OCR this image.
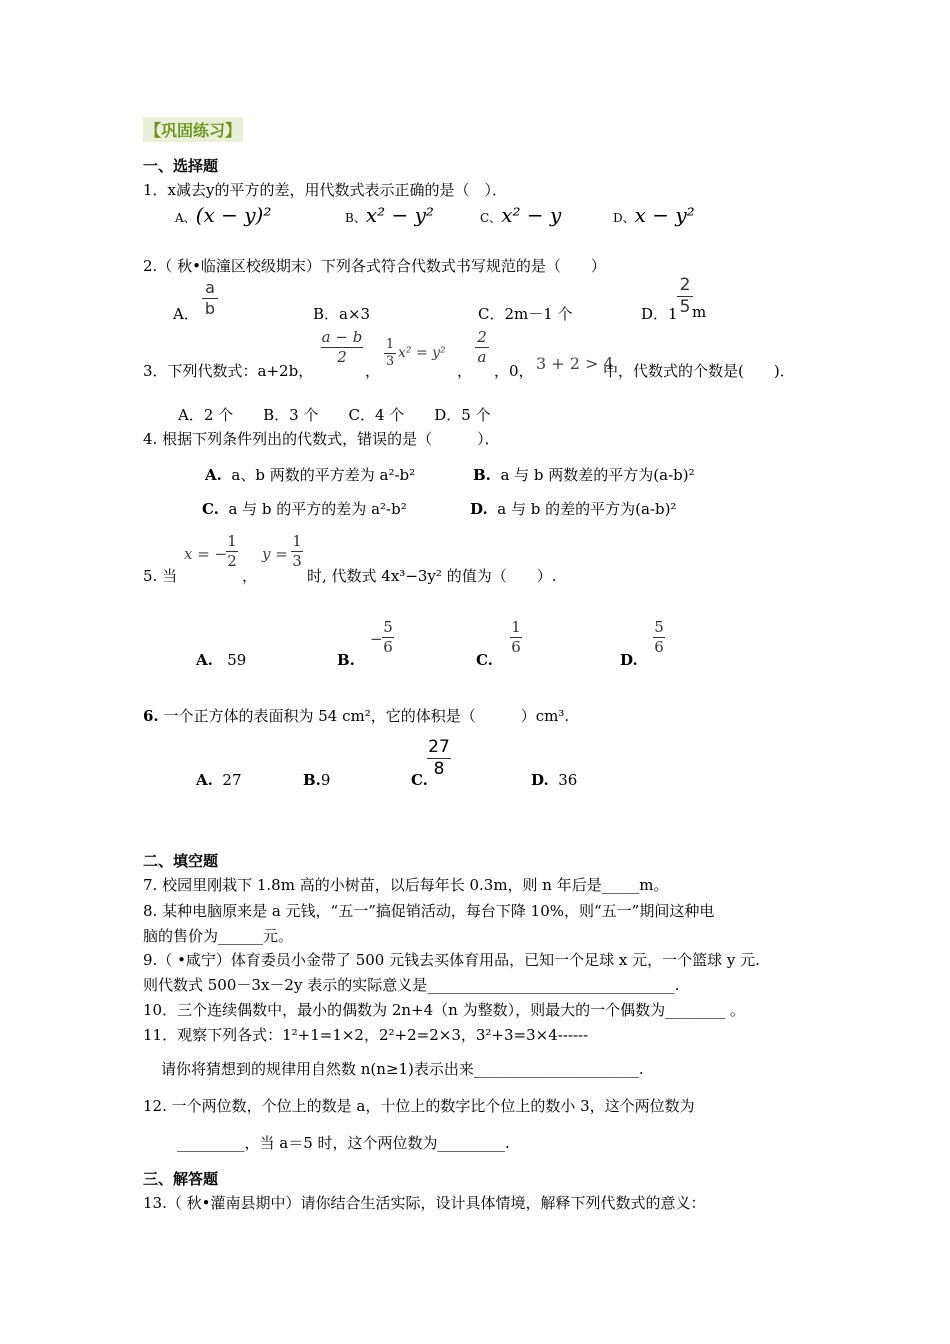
【巩固练习】
一、选择题
1．x减去y的平方的差，用代数式表示正确的是（　）．
A、(x − y)²	B、x² − y²	C、x² − y	D、x − y²
2.（ 秋•临潼区校级期末）下列各式符合代数式书写规范的是（　　）
A．
a
b	B．a×3	C．2m－1 个	D．1
2
5 m
3．下列代数式：a+2b，
a − b
2
，
1
3
x² = y²
，
2
a
，0， 3 + 2 > 4
中，代数式的个数是(　　)．
A．2 个　　B．3 个　　C．4 个　　D．5 个
4. 根据下列条件列出的代数式，错误的是（　　　）．
A. a、b 两数的平方差为 a²-b²	B. a 与 b 两数差的平方为(a-b)²
C. a 与 b 的平方的差为 a²-b²	D. a 与 b 的差的平方为(a-b)²
5. 当
x = −
1
2
，
y =
1
3
时, 代数式 4x³−3y² 的值为（　　）.
A. 59	B.
−
5
6
C.
1
6
D.
5
6
6. 一个正方体的表面积为 54 cm²，它的体积是（　　　）cm³.
A. 27	B.9	C.
27
8
D. 36
二、填空题
7. 校园里刚栽下 1.8m 高的小树苗，以后每年长 0.3m，则 n 年后是_____m。
8. 某种电脑原来是 a 元钱，“五一”搞促销活动，每台下降 10%，则“五一”期间这种电
脑的售价为______元。
9.（ •咸宁）体育委员小金带了 500 元钱去买体育用品，已知一个足球 x 元，一个篮球 y 元.
则代数式 500－3x－2y 表示的实际意义是_________________________________.
10．三个连续偶数中，最小的偶数为 2n+4（n 为整数），则最大的一个偶数为________ 。
11．观察下列各式：1²+1=1×2，2²+2=2×3，3²+3=3×4------
请你将猜想到的规律用自然数 n(n≥1)表示出来______________________.
12. 一个两位数，个位上的数是 a，十位上的数字比个位上的数小 3，这个两位数为
_________，当 a＝5 时，这个两位数为_________.
三、解答题
13.（ 秋•灌南县期中）请你结合生活实际，设计具体情境，解释下列代数式的意义：
